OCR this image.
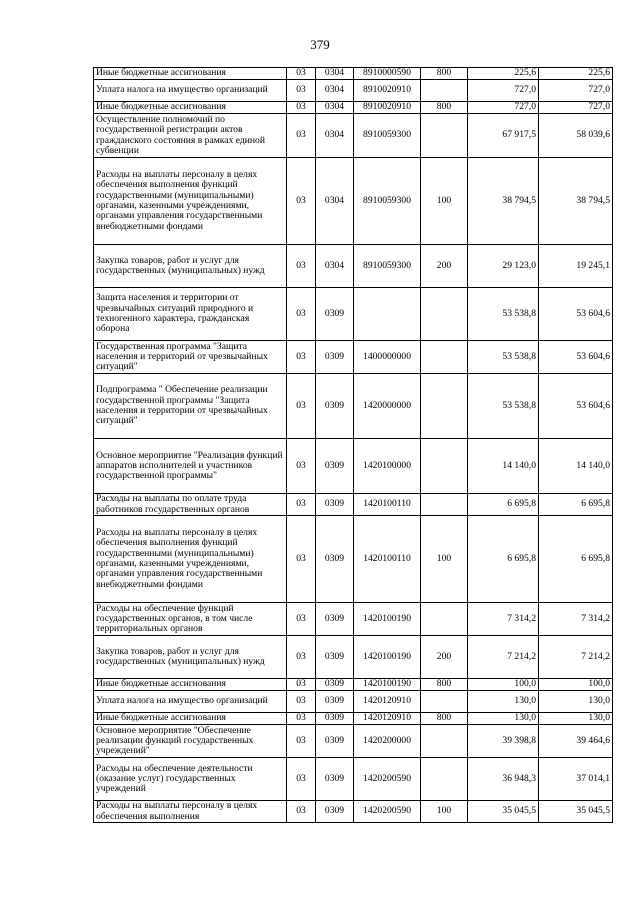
379
Иные бюджетные ассигнования	03	0304	8910000590	800	225,6	225,6
Уплата налога на имущество организаций	03	0304	8910020910		727,0	727,0
Иные бюджетные ассигнования	03	0304	8910020910	800	727,0	727,0
Осуществление полномочий по государственной регистрации актов гражданского состояния в рамках единой субвенции	03	0304	8910059300		67 917,5	58 039,6
Расходы на выплаты персоналу в целях обеспечения выполнения функций государственными (муниципальными) органами, казенными учреждениями, органами управления государственными внебюджетными фондами	03	0304	8910059300	100	38 794,5	38 794,5
Закупка товаров, работ и услуг для государственных (муниципальных) нужд	03	0304	8910059300	200	29 123,0	19 245,1
Защита населения и территории от чрезвычайных ситуаций природного и техногенного характера, гражданская оборона	03	0309			53 538,8	53 604,6
Государственная программа "Защита населения и территорий от чрезвычайных ситуаций"	03	0309	1400000000		53 538,8	53 604,6
Подпрограмма " Обеспечение реализации государственной программы "Защита населения и территории от чрезвычайных ситуаций"	03	0309	1420000000		53 538,8	53 604,6
Основное мероприятие "Реализация функций аппаратов исполнителей и участников государственной программы"	03	0309	1420100000		14 140,0	14 140,0
Расходы на выплаты по оплате труда работников государственных органов	03	0309	1420100110		6 695,8	6 695,8
Расходы на выплаты персоналу в целях обеспечения выполнения функций государственными (муниципальными) органами, казенными учреждениями, органами управления государственными внебюджетными фондами	03	0309	1420100110	100	6 695,8	6 695,8
Расходы на обеспечение функций государственных органов, в том числе территориальных органов	03	0309	1420100190		7 314,2	7 314,2
Закупка товаров, работ и услуг для государственных (муниципальных) нужд	03	0309	1420100190	200	7 214,2	7 214,2
Иные бюджетные ассигнования	03	0309	1420100190	800	100,0	100,0
Уплата налога на имущество организаций	03	0309	1420120910		130,0	130,0
Иные бюджетные ассигнования	03	0309	1420120910	800	130,0	130,0
Основное мероприятие "Обеспечение реализации функций государственных учреждений"	03	0309	1420200000		39 398,8	39 464,6
Расходы на обеспечение деятельности (оказание услуг) государственных учреждений	03	0309	1420200590		36 948,3	37 014,1
Расходы на выплаты персоналу в целях обеспечения выполнения	03	0309	1420200590	100	35 045,5	35 045,5
